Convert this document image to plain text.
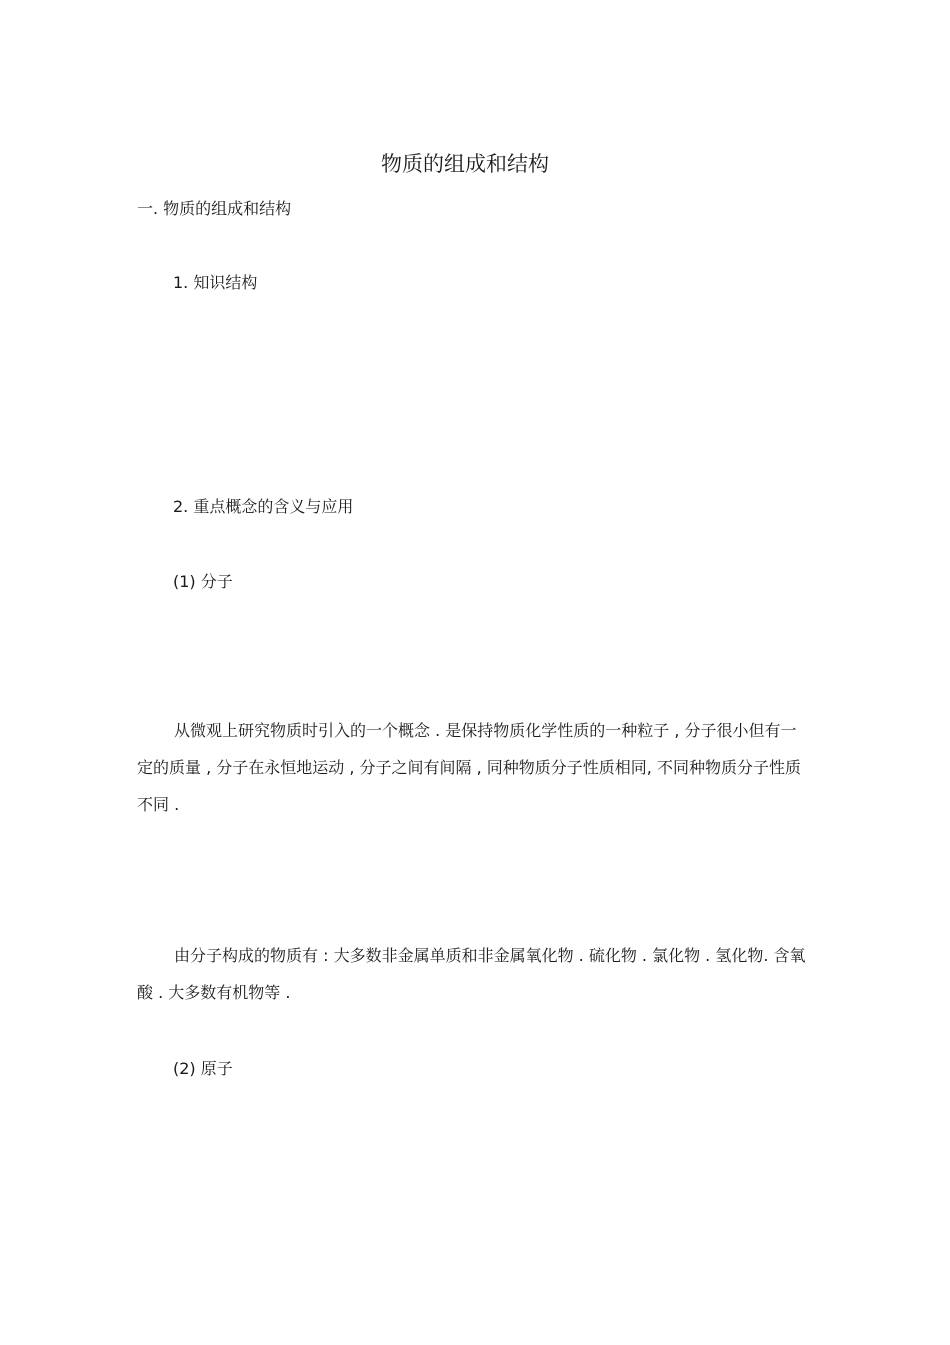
物质的组成和结构
一. 物质的组成和结构
1. 知识结构
2. 重点概念的含义与应用
(1) 分子
从微观上研究物质时引入的一个概念 . 是保持物质化学性质的一种粒子 , 分子很小但有一定的质量 , 分子在永恒地运动 , 分子之间有间隔 , 同种物质分子性质相同, 不同种物质分子性质不同 .
由分子构成的物质有 : 大多数非金属单质和非金属氧化物 . 硫化物 . 氯化物 . 氢化物. 含氧酸 . 大多数有机物等 .
(2) 原子
